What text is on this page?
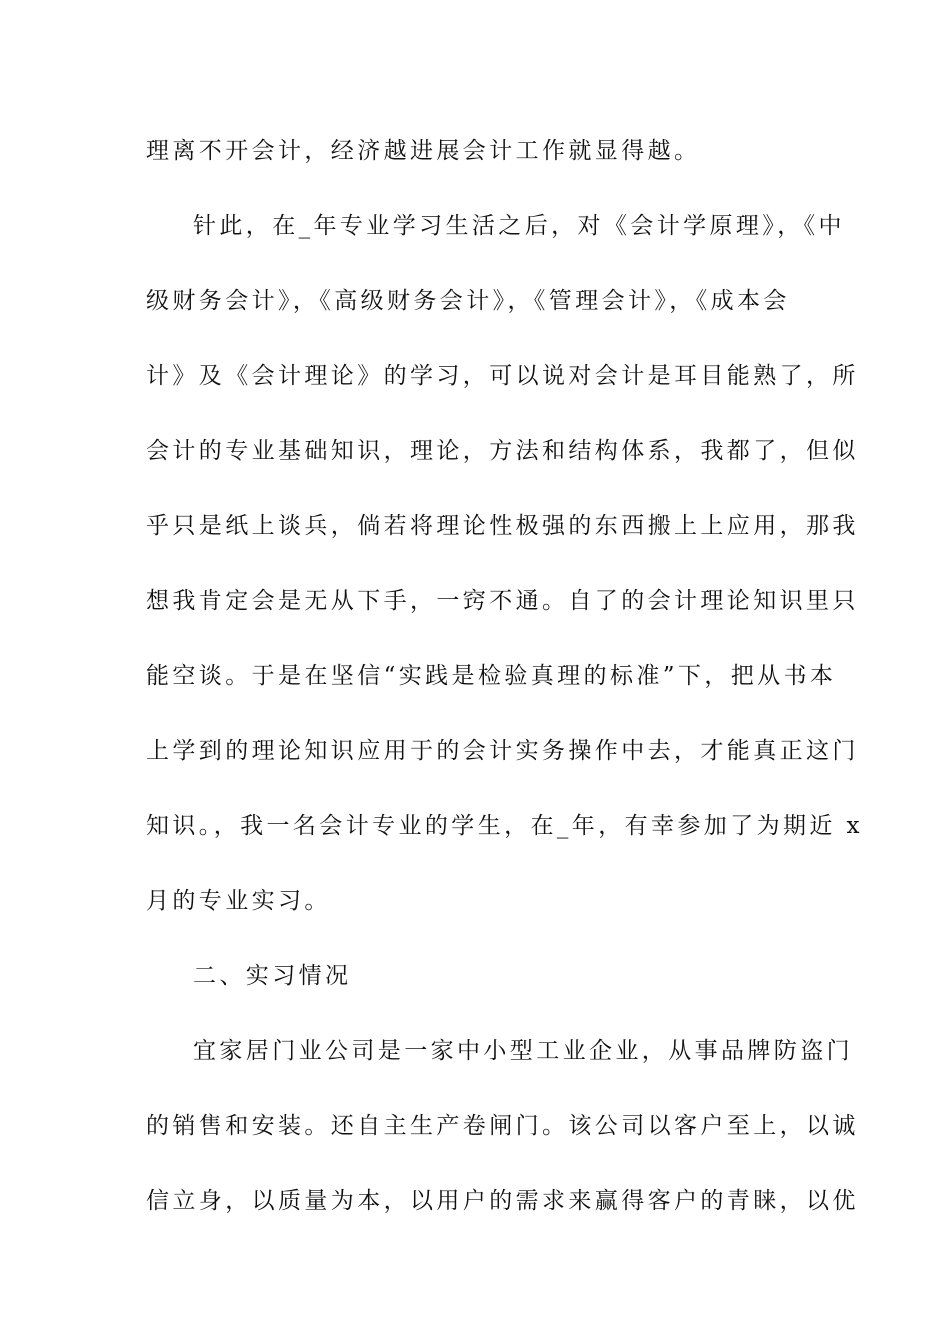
理离不开会计，经济越进展会计工作就显得越。
针此，在_年专业学习生活之后，对《会计学原理》，《中
级财务会计》，《高级财务会计》，《管理会计》，《成本会
计》及《会计理论》的学习，可以说对会计是耳目能熟了，所
会计的专业基础知识，理论，方法和结构体系，我都了，但似
乎只是纸上谈兵，倘若将理论性极强的东西搬上上应用，那我
想我肯定会是无从下手，一窍不通。自了的会计理论知识里只
能空谈。于是在坚信“实践是检验真理的标准”下，把从书本
上学到的理论知识应用于的会计实务操作中去，才能真正这门
知识。，我一名会计专业的学生，在_年，有幸参加了为期近 x
月的专业实习。
二、实习情况
宜家居门业公司是一家中小型工业企业，从事品牌防盗门
的销售和安装。还自主生产卷闸门。该公司以客户至上，以诚
信立身，以质量为本，以用户的需求来赢得客户的青睐，以优
